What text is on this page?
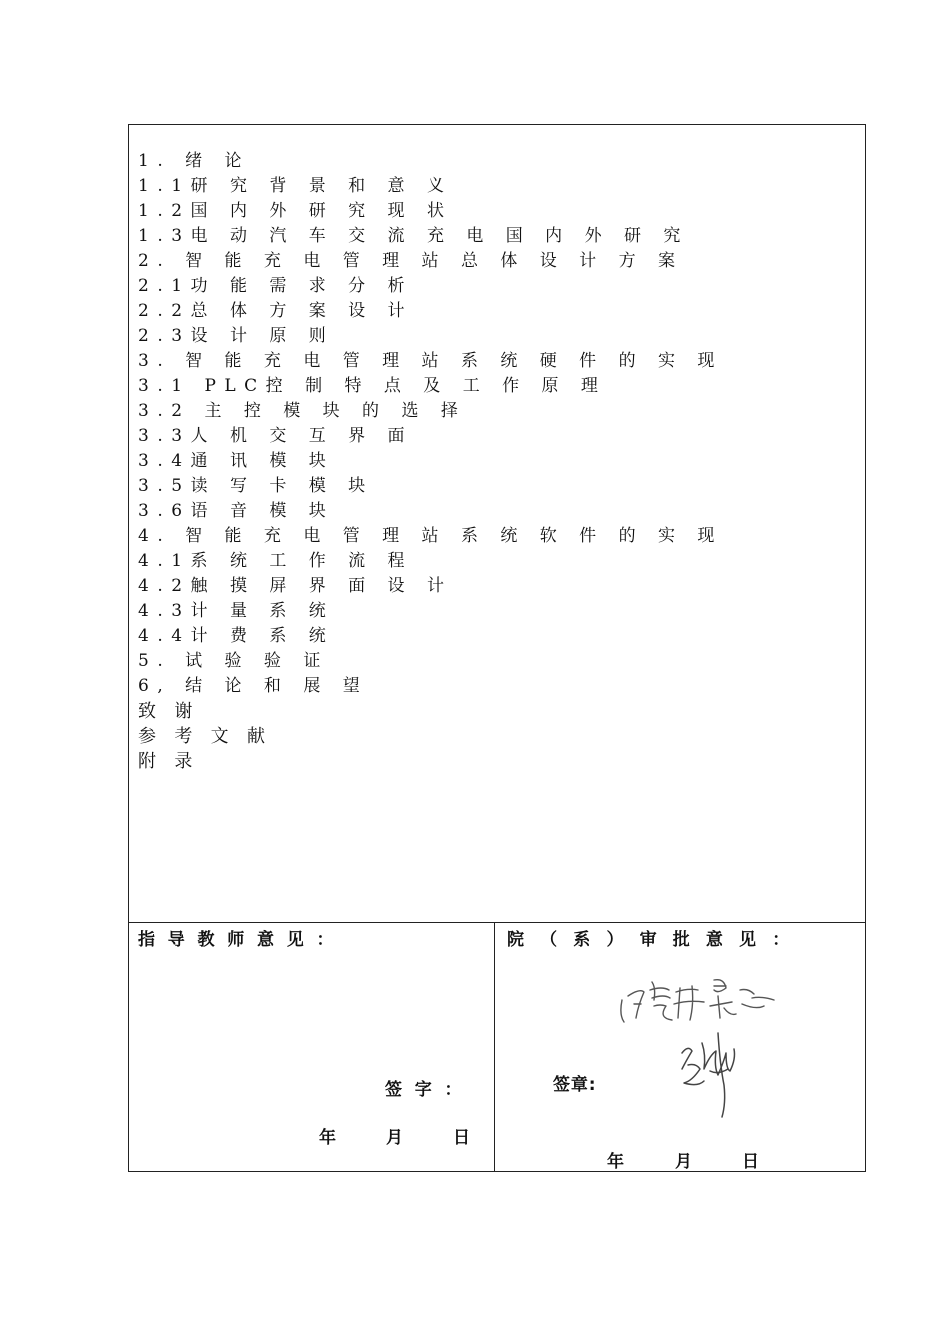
1. 绪 论
1.1研 究 背 景 和 意 义
1.2国 内 外 研 究 现 状
1.3电 动 汽 车 交 流 充 电 国 内 外 研 究
2. 智 能 充 电 管 理 站 总 体 设 计 方 案
2.1功 能 需 求 分 析
2.2总 体 方 案 设 计
2.3设 计 原 则
3. 智 能 充 电 管 理 站 系 统 硬 件 的 实 现
3.1 PLC控 制 特 点 及 工 作 原 理
3.2 主 控 模 块 的 选 择
3.3人 机 交 互 界 面
3.4通 讯 模 块
3.5读 写 卡 模 块
3.6语 音 模 块
4. 智 能 充 电 管 理 站 系 统 软 件 的 实 现
4.1系 统 工 作 流 程
4.2触 摸 屏 界 面 设 计
4.3计 量 系 统
4.4计 费 系 统
5. 试 验 验 证
6, 结 论 和 展 望
致 谢
参 考 文 献
附 录
指导教师意见：
签字：
年	月	日
院（系）审批意见：
签章:
年	月	日
